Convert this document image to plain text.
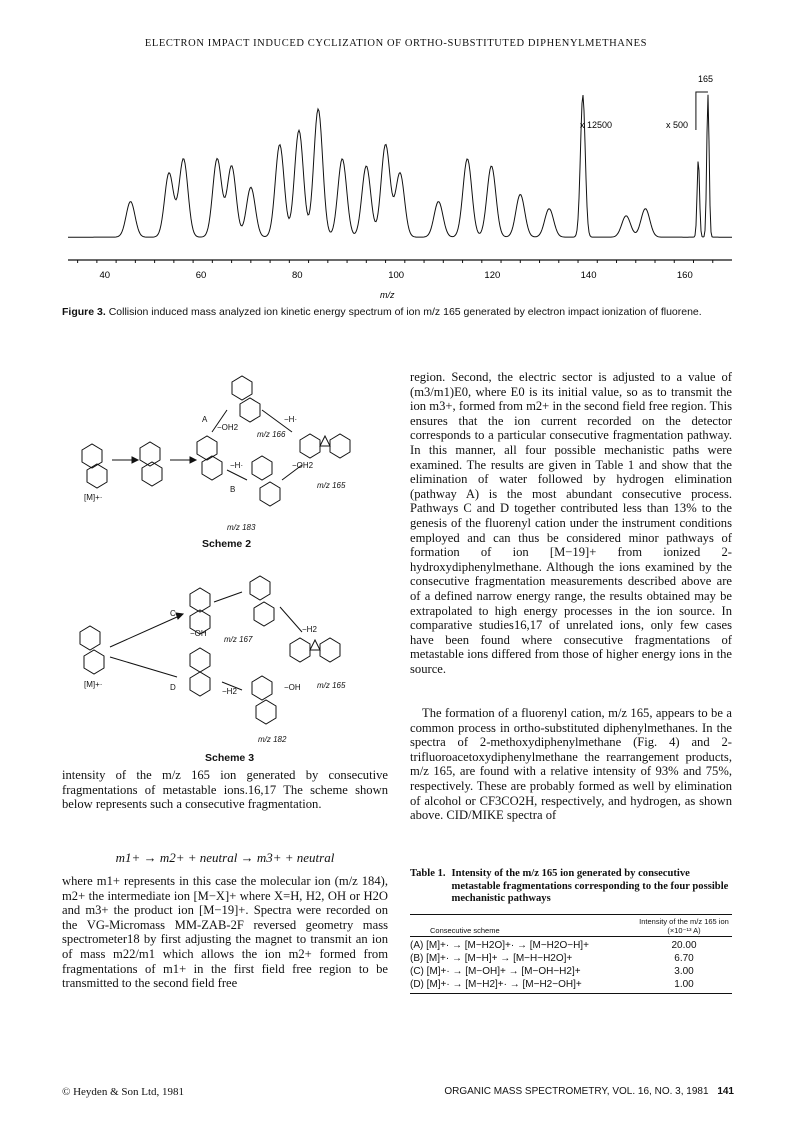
ELECTRON IMPACT INDUCED CYCLIZATION OF ORTHO-SUBSTITUTED DIPHENYLMETHANES
40	60	80	100	120	140	160
165
x 12500	x 500
m/z
Figure 3. Collision induced mass analyzed ion kinetic energy spectrum of ion m/z 165 generated by electron impact ionization of fluorene.
A
B
[M]+·
m/z 166
m/z 165
m/z 183
−OH2
−H·
−H·	−OH2
Scheme 2
C
D
[M]+·
m/z 167
m/z 165
m/z 182
−OH	−H2
−H2	−OH
Scheme 3
intensity of the m/z 165 ion generated by consecutive fragmentations of metastable ions.16,17 The scheme shown below represents such a consecutive fragmentation.
m1+ → m2+ + neutral → m3+ + neutral
where m1+ represents in this case the molecular ion (m/z 184), m2+ the intermediate ion [M−X]+ where X=H, H2, OH or H2O and m3+ the product ion [M−19]+. Spectra were recorded on the VG-Micromass MM-ZAB-2F reversed geometry mass spectrometer18 by first adjusting the magnet to transmit an ion of mass m22/m1 which allows the ion m2+ formed from fragmentations of m1+ in the first field free region to be transmitted to the second field free
region. Second, the electric sector is adjusted to a value of (m3/m1)E0, where E0 is its initial value, so as to transmit the ion m3+, formed from m2+ in the second field free region. This ensures that the ion current recorded on the detector corresponds to a particular consecutive fragmentation pathway. In this manner, all four possible mechanistic paths were examined. The results are given in Table 1 and show that the elimination of water followed by hydrogen elimination (pathway A) is the most abundant consecutive process. Pathways C and D together contributed less than 13% to the genesis of the fluorenyl cation under the instrument conditions employed and can thus be considered minor pathways of formation of ion [M−19]+ from ionized 2-hydroxydiphenylmethane. Although the ions examined by the consecutive fragmentation measurements described above are of a defined narrow energy range, the results obtained may be extrapolated to high energy processes in the ion source. In comparative studies16,17 of unrelated ions, only few cases have been found where consecutive fragmentations of metastable ions differed from those of higher energy ions in the source.
The formation of a fluorenyl cation, m/z 165, appears to be a common process in ortho-substituted diphenylmethanes. In the spectra of 2-methoxydiphenylmethane (Fig. 4) and 2-trifluoroacetoxydiphenylmethane the rearrangement products, m/z 165, are found with a relative intensity of 93% and 75%, respectively. These are probably formed as well by elimination of alcohol or CF3CO2H, respectively, and hydrogen, as shown above. CID/MIKE spectra of
Table 1. Intensity of the m/z 165 ion generated by consecutive metastable fragmentations corresponding to the four possible mechanistic pathways
Consecutive scheme
Intensity of the m/z 165 ion
(×10⁻¹³ A)
(A) [M]+· → [M−H2O]+· → [M−H2O−H]+	20.00
(B) [M]+· → [M−H]+ → [M−H−H2O]+	6.70
(C) [M]+· → [M−OH]+ → [M−OH−H2]+	3.00
(D) [M]+· → [M−H2]+· → [M−H2−OH]+	1.00
© Heyden & Son Ltd, 1981	ORGANIC MASS SPECTROMETRY, VOL. 16, NO. 3, 1981 141
